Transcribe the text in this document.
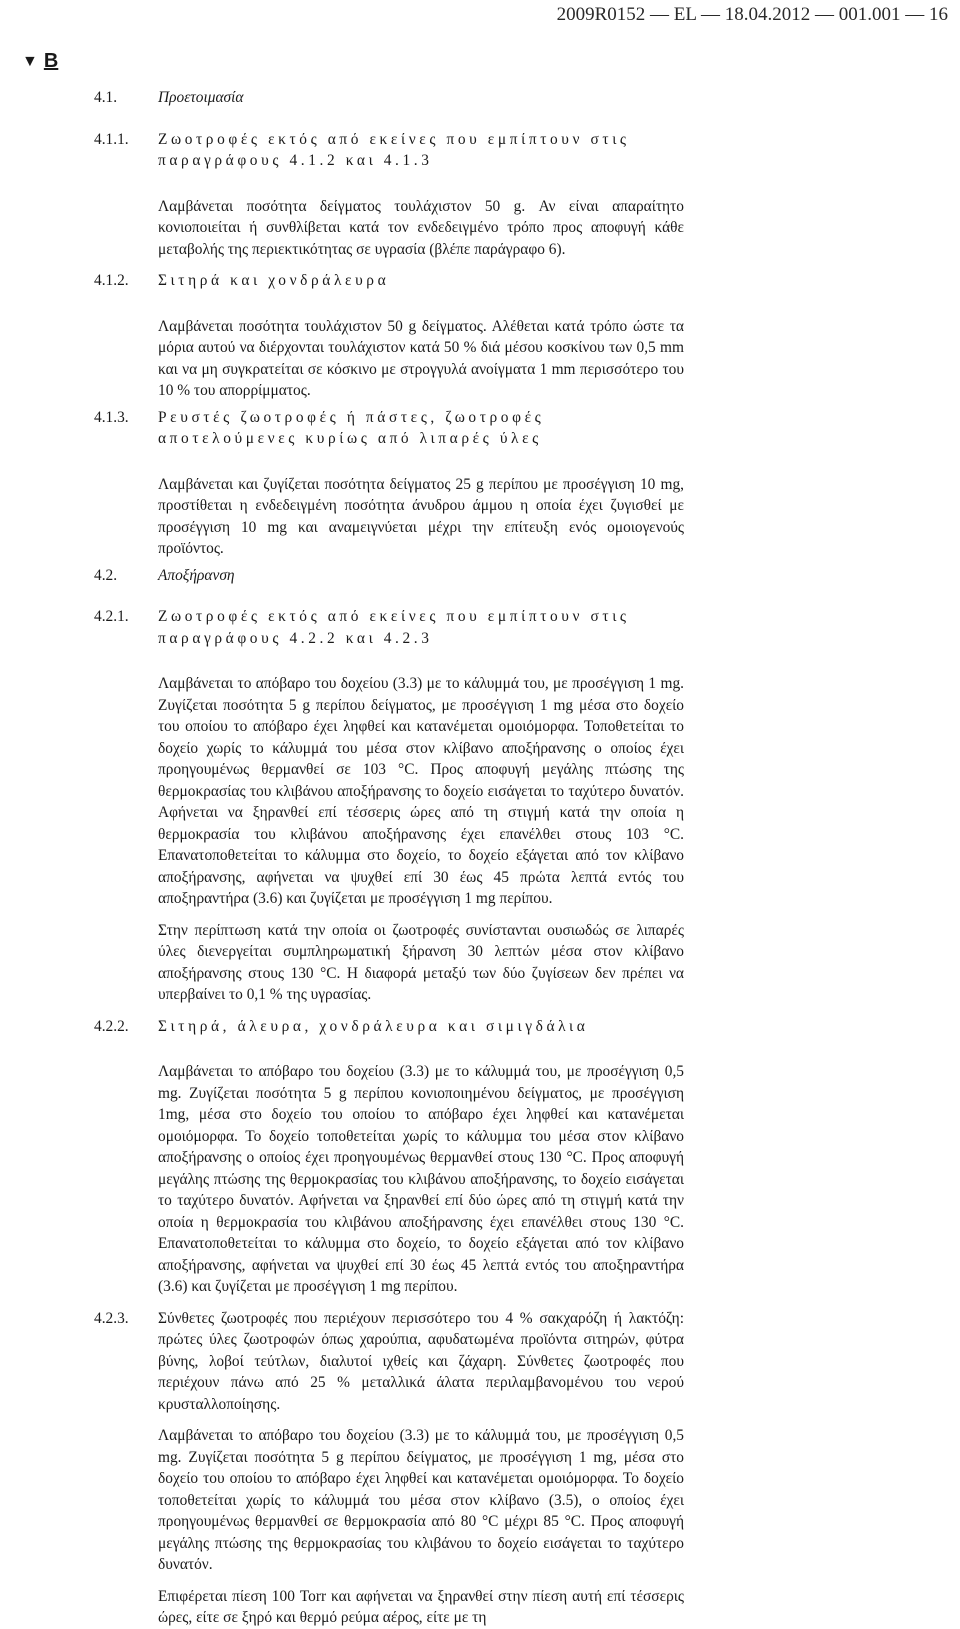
2009R0152 — EL — 18.04.2012 — 001.001 — 16
▼ B
4.1.	Προετοιμασία
4.1.1.	Ζωοτροφές εκτός από εκείνες που εμπίπτουν στις παραγράφους 4.1.2 και 4.1.3
Λαμβάνεται ποσότητα δείγματος τουλάχιστον 50 g. Αν είναι απαραίτητο κονιοποιείται ή συνθλίβεται κατά τον ενδεδειγμένο τρόπο προς αποφυγή κάθε μεταβολής της περιεκτικότητας σε υγρασία (βλέπε παράγραφο 6).
4.1.2.	Σιτηρά και χονδράλευρα
Λαμβάνεται ποσότητα τουλάχιστον 50 g δείγματος. Αλέθεται κατά τρόπο ώστε τα μόρια αυτού να διέρχονται τουλάχιστον κατά 50 % διά μέσου κοσκίνου των 0,5 mm και να μη συγκρατείται σε κόσκινο με στρογγυλά ανοίγματα 1 mm περισσότερο του 10 % του απορρίμματος.
4.1.3.	Ρευστές ζωοτροφές ή πάστες, ζωοτροφές αποτελούμενες κυρίως από λιπαρές ύλες
Λαμβάνεται και ζυγίζεται ποσότητα δείγματος 25 g περίπου με προσέγγιση 10 mg, προστίθεται η ενδεδειγμένη ποσότητα άνυδρου άμμου η οποία έχει ζυγισθεί με προσέγγιση 10 mg και αναμειγνύεται μέχρι την επίτευξη ενός ομοιογενούς προϊόντος.
4.2.	Αποξήρανση
4.2.1.	Ζωοτροφές εκτός από εκείνες που εμπίπτουν στις παραγράφους 4.2.2 και 4.2.3
Λαμβάνεται το απόβαρο του δοχείου (3.3) με το κάλυμμά του, με προσέγγιση 1 mg. Ζυγίζεται ποσότητα 5 g περίπου δείγματος, με προσέγγιση 1 mg μέσα στο δοχείο του οποίου το απόβαρο έχει ληφθεί και κατανέμεται ομοιόμορφα. Τοποθετείται το δοχείο χωρίς το κάλυμμά του μέσα στον κλίβανο αποξήρανσης ο οποίος έχει προηγουμένως θερμανθεί σε 103 °C. Προς αποφυγή μεγάλης πτώσης της θερμοκρασίας του κλιβάνου αποξήρανσης το δοχείο εισάγεται το ταχύτερο δυνατόν. Αφήνεται να ξηρανθεί επί τέσσερις ώρες από τη στιγμή κατά την οποία η θερμοκρασία του κλιβάνου αποξήρανσης έχει επανέλθει στους 103 °C. Επανατοποθετείται το κάλυμμα στο δοχείο, το δοχείο εξάγεται από τον κλίβανο αποξήρανσης, αφήνεται να ψυχθεί επί 30 έως 45 πρώτα λεπτά εντός του αποξηραντήρα (3.6) και ζυγίζεται με προσέγγιση 1 mg περίπου.
Στην περίπτωση κατά την οποία οι ζωοτροφές συνίστανται ουσιωδώς σε λιπαρές ύλες διενεργείται συμπληρωματική ξήρανση 30 λεπτών μέσα στον κλίβανο αποξήρανσης στους 130 °C. Η διαφορά μεταξύ των δύο ζυγίσεων δεν πρέπει να υπερβαίνει το 0,1 % της υγρασίας.
4.2.2.	Σιτηρά, άλευρα, χονδράλευρα και σιμιγδάλια
Λαμβάνεται το απόβαρο του δοχείου (3.3) με το κάλυμμά του, με προσέγγιση 0,5 mg. Ζυγίζεται ποσότητα 5 g περίπου κονιοποιημένου δείγματος, με προσέγγιση 1mg, μέσα στο δοχείο του οποίου το απόβαρο έχει ληφθεί και κατανέμεται ομοιόμορφα. Το δοχείο τοποθετείται χωρίς το κάλυμμα του μέσα στον κλίβανο αποξήρανσης ο οποίος έχει προηγουμένως θερμανθεί στους 130 °C. Προς αποφυγή μεγάλης πτώσης της θερμοκρασίας του κλιβάνου αποξήρανσης, το δοχείο εισάγεται το ταχύτερο δυνατόν. Αφήνεται να ξηρανθεί επί δύο ώρες από τη στιγμή κατά την οποία η θερμοκρασία του κλιβάνου αποξήρανσης έχει επανέλθει στους 130 °C. Επανατοποθετείται το κάλυμμα στο δοχείο, το δοχείο εξάγεται από τον κλίβανο αποξήρανσης, αφήνεται να ψυχθεί επί 30 έως 45 λεπτά εντός του αποξηραντήρα (3.6) και ζυγίζεται με προσέγγιση 1 mg περίπου.
4.2.3.	Σύνθετες ζωοτροφές που περιέχουν περισσότερο του 4 % σακχαρόζη ή λακτόζη: πρώτες ύλες ζωοτροφών όπως χαρούπια, αφυδατωμένα προϊόντα σιτηρών, φύτρα βύνης, λοβοί τεύτλων, διαλυτοί ιχθείς και ζάχαρη. Σύνθετες ζωοτροφές που περιέχουν πάνω από 25 % μεταλλικά άλατα περιλαμβανομένου του νερού κρυσταλλοποίησης.
Λαμβάνεται το απόβαρο του δοχείου (3.3) με το κάλυμμά του, με προσέγγιση 0,5 mg. Ζυγίζεται ποσότητα 5 g περίπου δείγματος, με προσέγγιση 1 mg, μέσα στο δοχείο του οποίου το απόβαρο έχει ληφθεί και κατανέμεται ομοιόμορφα. Το δοχείο τοποθετείται χωρίς το κάλυμμά του μέσα στον κλίβανο (3.5), ο οποίος έχει προηγουμένως θερμανθεί σε θερμοκρασία από 80 °C μέχρι 85 °C. Προς αποφυγή μεγάλης πτώσης της θερμοκρασίας του κλιβάνου το δοχείο εισάγεται το ταχύτερο δυνατόν.
Επιφέρεται πίεση 100 Torr και αφήνεται να ξηρανθεί στην πίεση αυτή επί τέσσερις ώρες, είτε σε ξηρό και θερμό ρεύμα αέρος, είτε με τη
